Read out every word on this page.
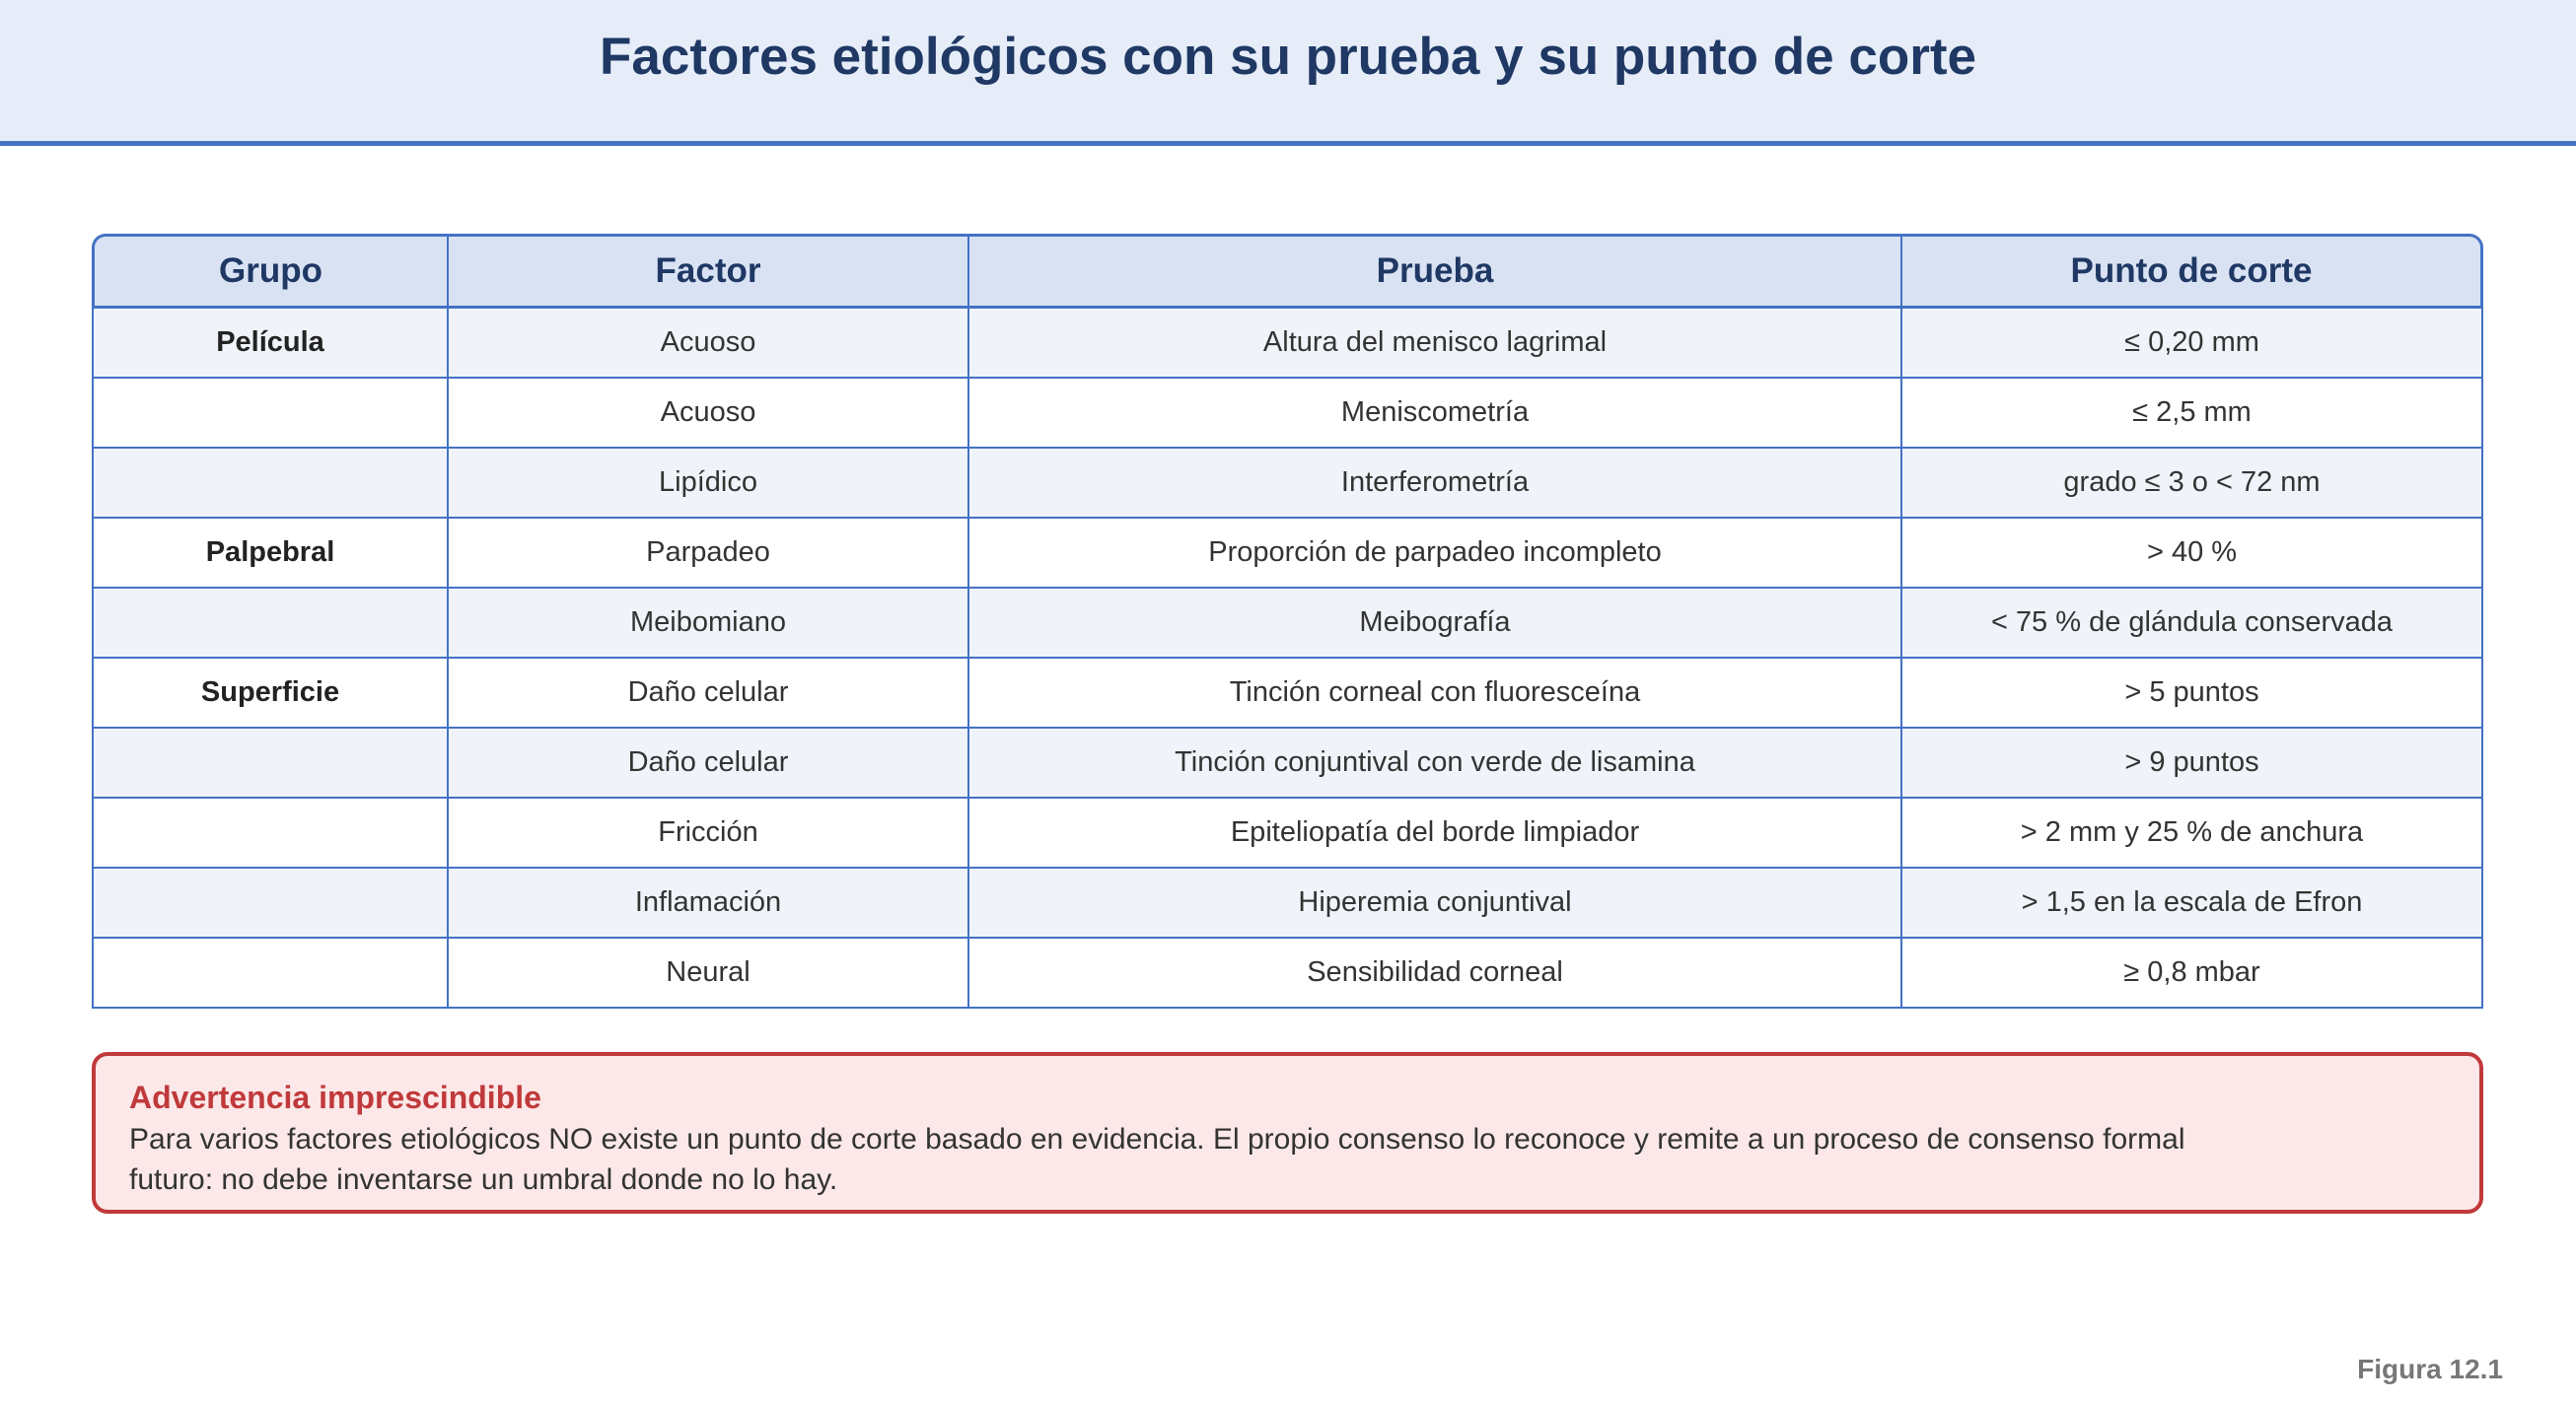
Factores etiológicos con su prueba y su punto de corte
Grupo	Factor	Prueba	Punto de corte
Película	Acuoso	Altura del menisco lagrimal	≤ 0,20 mm
	Acuoso	Meniscometría	≤ 2,5 mm
	Lipídico	Interferometría	grado ≤ 3 o < 72 nm
Palpebral	Parpadeo	Proporción de parpadeo incompleto	> 40 %
	Meibomiano	Meibografía	< 75 % de glándula conservada
Superficie	Daño celular	Tinción corneal con fluoresceína	> 5 puntos
	Daño celular	Tinción conjuntival con verde de lisamina	> 9 puntos
	Fricción	Epiteliopatía del borde limpiador	> 2 mm y 25 % de anchura
	Inflamación	Hiperemia conjuntival	> 1,5 en la escala de Efron
	Neural	Sensibilidad corneal	≥ 0,8 mbar
Advertencia imprescindible
Para varios factores etiológicos NO existe un punto de corte basado en evidencia. El propio consenso lo reconoce y remite a un proceso de consenso formal futuro: no debe inventarse un umbral donde no lo hay.
Figura 12.1
